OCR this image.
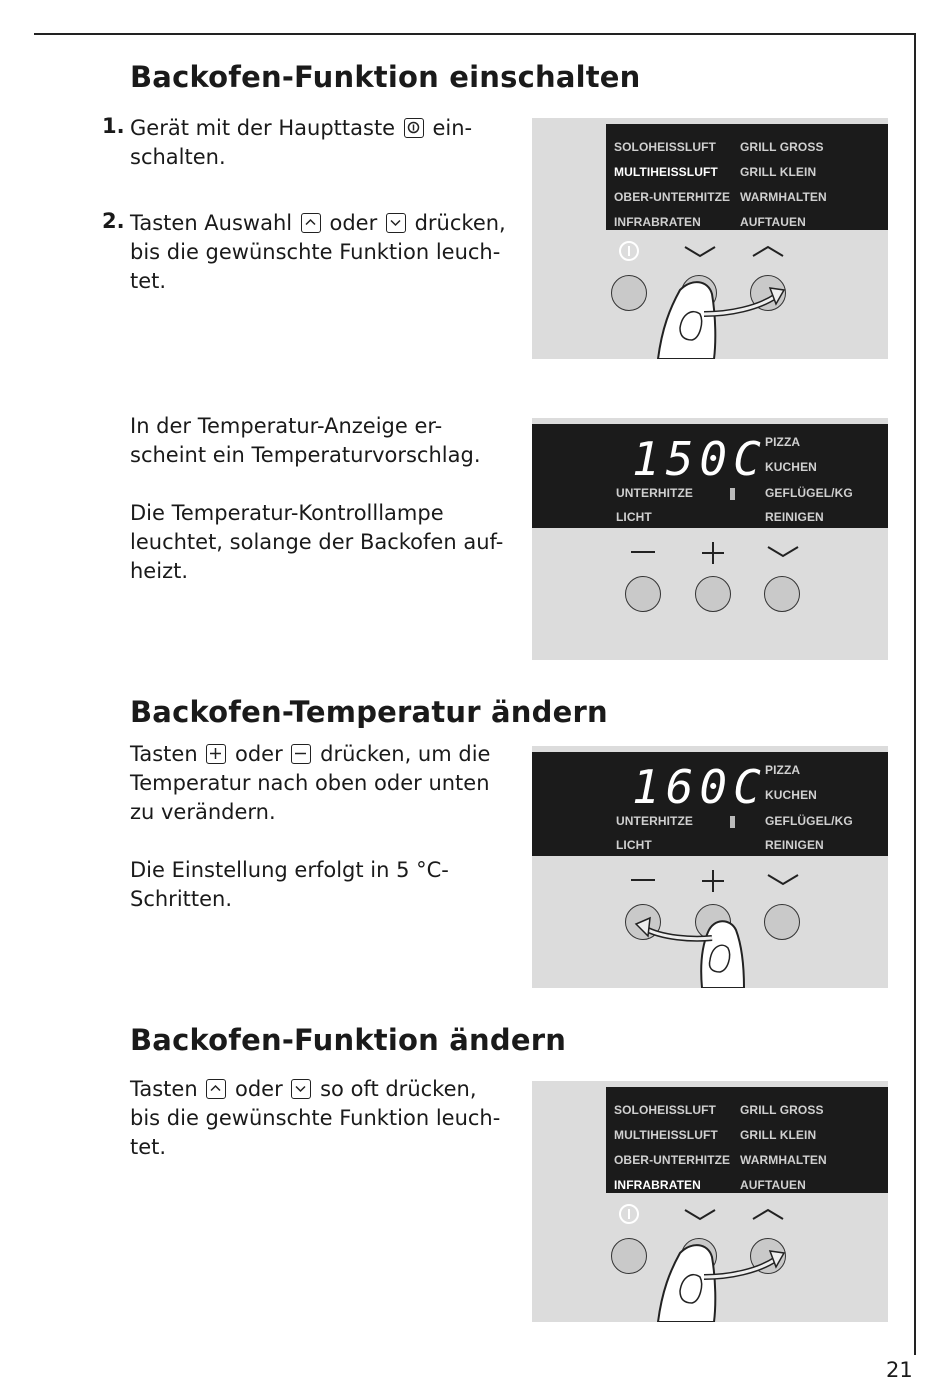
Backofen-Funktion einschalten
1. Gerät mit der Haupttaste ein-
schalten.
2. Tasten Auswahl oder drücken,
bis die gewünschte Funktion leuch-
tet.
SOLOHEISSLUFT
MULTIHEISSLUFT
OBER-UNTERHITZE
INFRABRATEN
GRILL GROSS
GRILL KLEIN
WARMHALTEN
AUFTAUEN
In der Temperatur-Anzeige er-
scheint ein Temperaturvorschlag.
Die Temperatur-Kontrolllampe
leuchtet, solange der Backofen auf-
heizt.
150C
PIZZA
KUCHEN
GEFLÜGEL/KG
REINIGEN
UNTERHITZE
LICHT
Backofen-Temperatur ändern
Tasten oder drücken, um die
Temperatur nach oben oder unten
zu verändern.
Die Einstellung erfolgt in 5 °C-
Schritten.
160C
PIZZA
KUCHEN
GEFLÜGEL/KG
REINIGEN
UNTERHITZE
LICHT
Backofen-Funktion ändern
Tasten oder so oft drücken,
bis die gewünschte Funktion leuch-
tet.
SOLOHEISSLUFT
MULTIHEISSLUFT
OBER-UNTERHITZE
INFRABRATEN
GRILL GROSS
GRILL KLEIN
WARMHALTEN
AUFTAUEN
21
